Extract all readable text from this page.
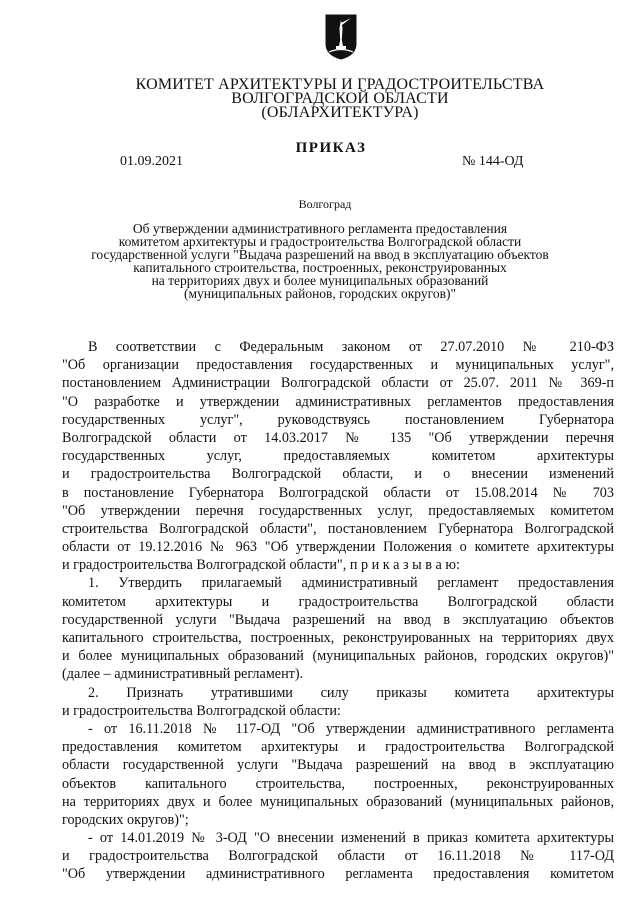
КОМИТЕТ АРХИТЕКТУРЫ И ГРАДОСТРОИТЕЛЬСТВА
ВОЛГОГРАДСКОЙ ОБЛАСТИ
(ОБЛАРХИТЕКТУРА)
ПРИКАЗ
01.09.2021	№ 144-ОД
Волгоград
Об утверждении административного регламента предоставления
комитетом архитектуры и градостроительства Волгоградской области
государственной услуги "Выдача разрешений на ввод в эксплуатацию объектов
капитального строительства, построенных, реконструированных
на территориях двух и более муниципальных образований
(муниципальных районов, городских округов)"
В соответствии с Федеральным законом от 27.07.2010 № 210-ФЗ
"Об организации предоставления государственных и муниципальных услуг",
постановлением Администрации Волгоградской области от 25.07. 2011 № 369-п
"О разработке и утверждении административных регламентов предоставления
государственных услуг", руководствуясь постановлением Губернатора
Волгоградской области от 14.03.2017 № 135 "Об утверждении перечня
государственных услуг, предоставляемых комитетом архитектуры
и градостроительства Волгоградской области, и о внесении изменений
в постановление Губернатора Волгоградской области от 15.08.2014 № 703
"Об утверждении перечня государственных услуг, предоставляемых комитетом
строительства Волгоградской области", постановлением Губернатора Волгоградской
области от 19.12.2016 № 963 "Об утверждении Положения о комитете архитектуры
и градостроительства Волгоградской области", п р и к а з ы в а ю:
1. Утвердить прилагаемый административный регламент предоставления
комитетом архитектуры и градостроительства Волгоградской области
государственной услуги "Выдача разрешений на ввод в эксплуатацию объектов
капитального строительства, построенных, реконструированных на территориях двух
и более муниципальных образований (муниципальных районов, городских округов)"
(далее – административный регламент).
2. Признать утратившими силу приказы комитета архитектуры
и градостроительства Волгоградской области:
- от 16.11.2018 № 117-ОД "Об утверждении административного регламента
предоставления комитетом архитектуры и градостроительства Волгоградской
области государственной услуги "Выдача разрешений на ввод в эксплуатацию
объектов капитального строительства, построенных, реконструированных
на территориях двух и более муниципальных образований (муниципальных районов,
городских округов)";
- от 14.01.2019 № 3-ОД "О внесении изменений в приказ комитета архитектуры
и градостроительства Волгоградской области от 16.11.2018 № 117-ОД
"Об утверждении административного регламента предоставления комитетом
